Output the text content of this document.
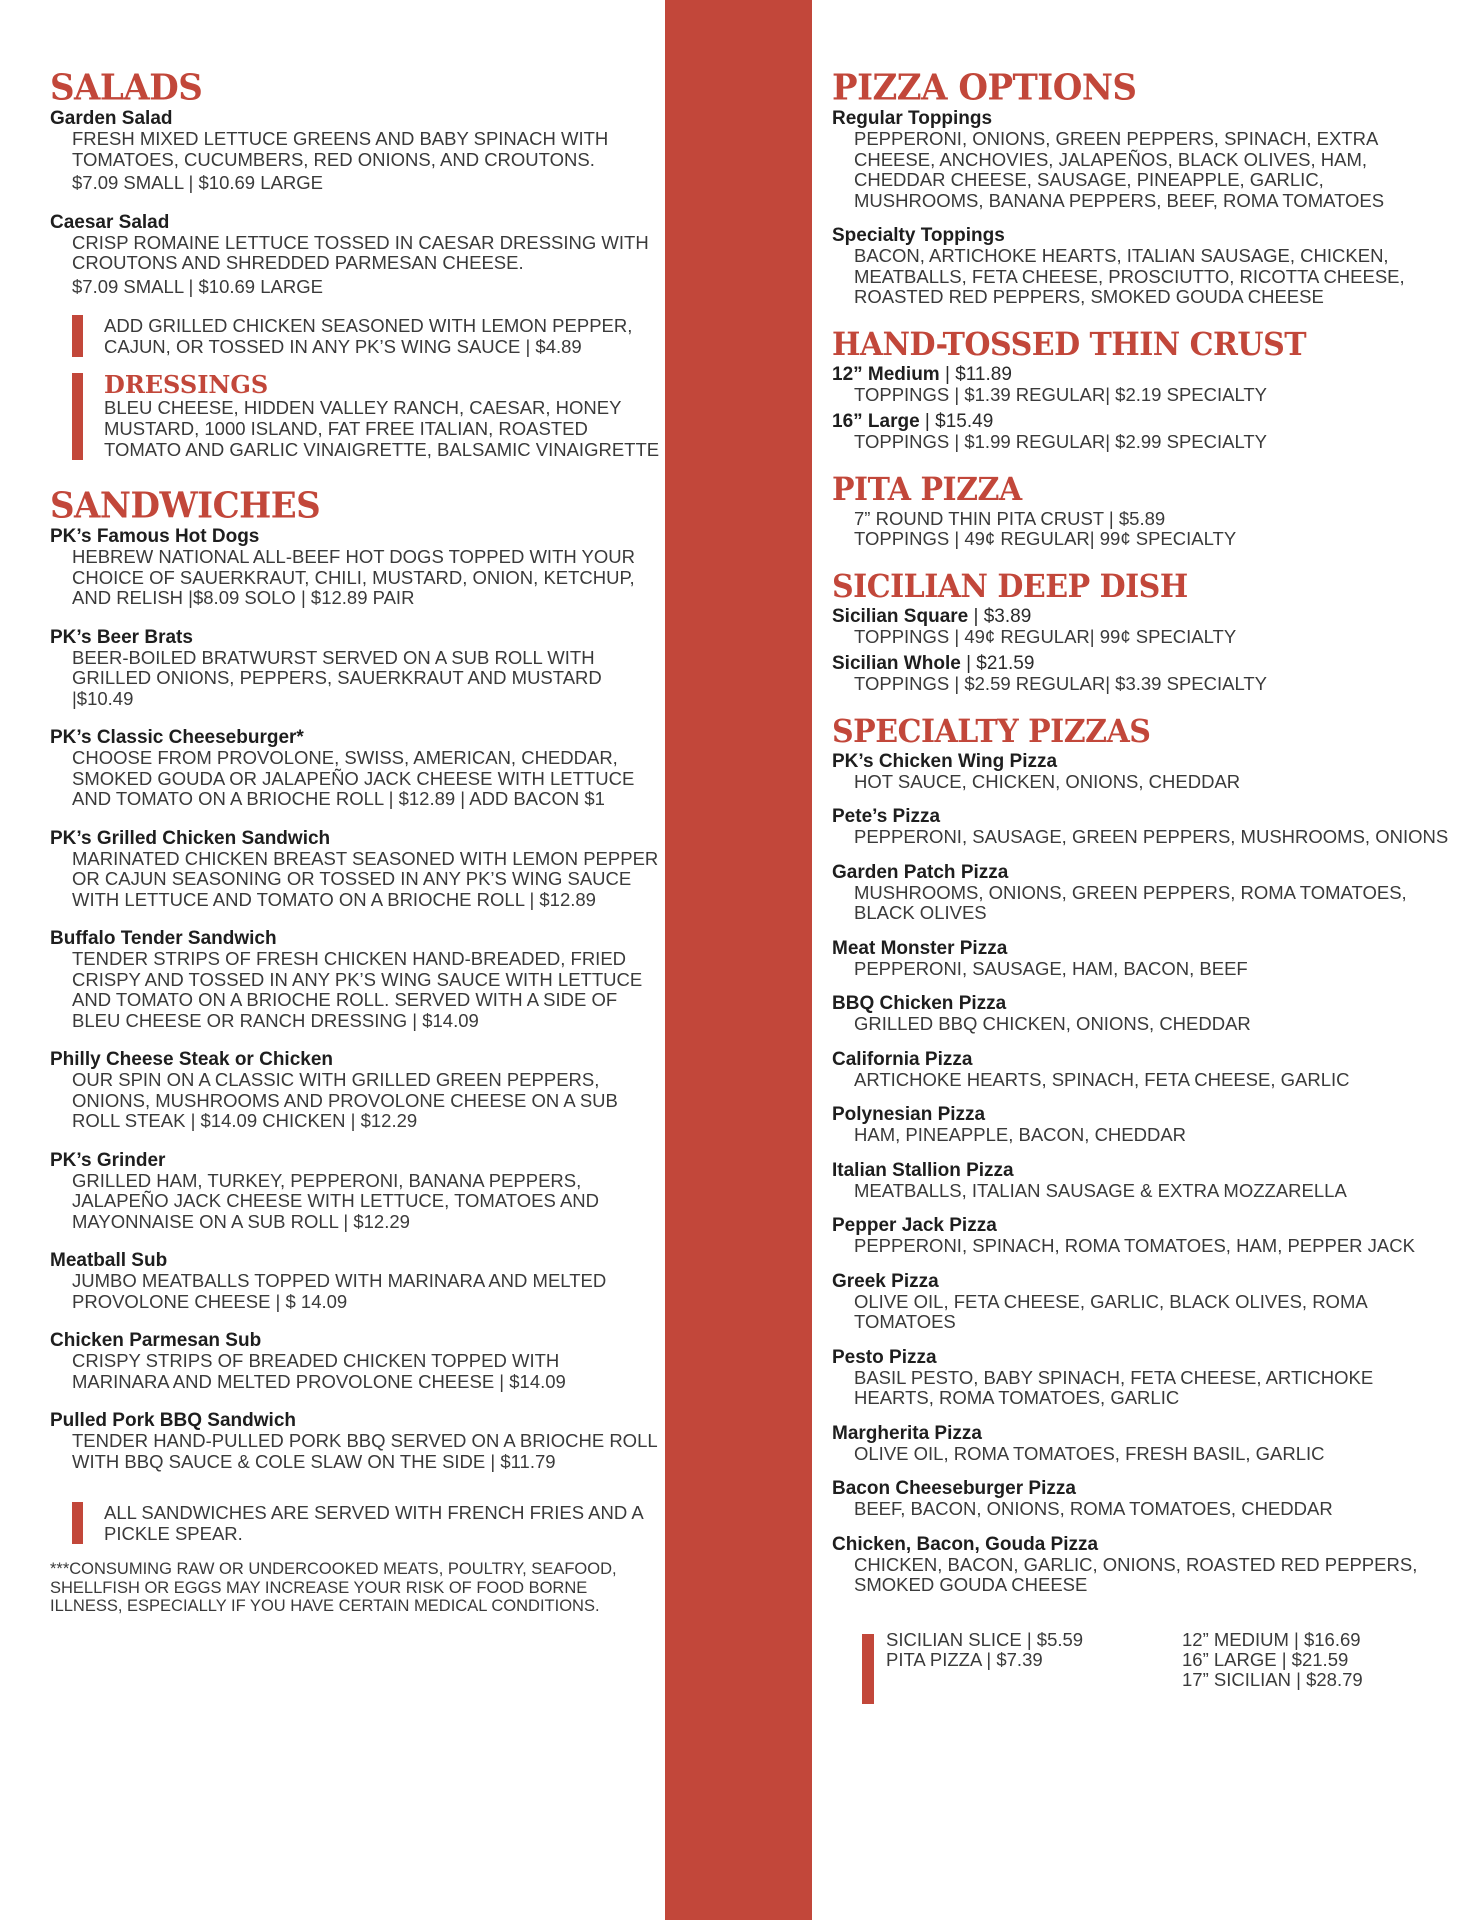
SALADS
Garden Salad
FRESH MIXED LETTUCE GREENS AND BABY SPINACH WITH TOMATOES, CUCUMBERS, RED ONIONS, AND CROUTONS.
$7.09 SMALL | $10.69 LARGE
Caesar Salad
CRISP ROMAINE LETTUCE TOSSED IN CAESAR DRESSING WITH CROUTONS AND SHREDDED PARMESAN CHEESE.
$7.09 SMALL | $10.69 LARGE
ADD GRILLED CHICKEN SEASONED WITH LEMON PEPPER, CAJUN, OR TOSSED IN ANY PK’S WING SAUCE | $4.89
DRESSINGS
BLEU CHEESE, HIDDEN VALLEY RANCH, CAESAR, HONEY MUSTARD, 1000 ISLAND, FAT FREE ITALIAN, ROASTED TOMATO AND GARLIC VINAIGRETTE, BALSAMIC VINAIGRETTE
SANDWICHES
PK’s Famous Hot Dogs
HEBREW NATIONAL ALL-BEEF HOT DOGS TOPPED WITH YOUR CHOICE OF SAUERKRAUT, CHILI, MUSTARD, ONION, KETCHUP, AND RELISH |$8.09 SOLO | $12.89 PAIR
PK’s Beer Brats
BEER-BOILED BRATWURST SERVED ON A SUB ROLL WITH GRILLED ONIONS, PEPPERS, SAUERKRAUT AND MUSTARD |$10.49
PK’s Classic Cheeseburger*
CHOOSE FROM PROVOLONE, SWISS, AMERICAN, CHEDDAR, SMOKED GOUDA OR JALAPEÑO JACK CHEESE WITH LETTUCE AND TOMATO ON A BRIOCHE ROLL | $12.89 | ADD BACON $1
PK’s Grilled Chicken Sandwich
MARINATED CHICKEN BREAST SEASONED WITH LEMON PEPPER OR CAJUN SEASONING OR TOSSED IN ANY PK’S WING SAUCE WITH LETTUCE AND TOMATO ON A BRIOCHE ROLL | $12.89
Buffalo Tender Sandwich
TENDER STRIPS OF FRESH CHICKEN HAND-BREADED, FRIED CRISPY AND TOSSED IN ANY PK’S WING SAUCE WITH LETTUCE AND TOMATO ON A BRIOCHE ROLL. SERVED WITH A SIDE OF BLEU CHEESE OR RANCH DRESSING | $14.09
Philly Cheese Steak or Chicken
OUR SPIN ON A CLASSIC WITH GRILLED GREEN PEPPERS, ONIONS, MUSHROOMS AND PROVOLONE CHEESE ON A SUB ROLL STEAK | $14.09 CHICKEN | $12.29
PK’s Grinder
GRILLED HAM, TURKEY, PEPPERONI, BANANA PEPPERS, JALAPEÑO JACK CHEESE WITH LETTUCE, TOMATOES AND MAYONNAISE ON A SUB ROLL | $12.29
Meatball Sub
JUMBO MEATBALLS TOPPED WITH MARINARA AND MELTED PROVOLONE CHEESE | $ 14.09
Chicken Parmesan Sub
CRISPY STRIPS OF BREADED CHICKEN TOPPED WITH MARINARA AND MELTED PROVOLONE CHEESE | $14.09
Pulled Pork BBQ Sandwich
TENDER HAND-PULLED PORK BBQ SERVED ON A BRIOCHE ROLL WITH BBQ SAUCE & COLE SLAW ON THE SIDE | $11.79
ALL SANDWICHES ARE SERVED WITH FRENCH FRIES AND A PICKLE SPEAR.
***CONSUMING RAW OR UNDERCOOKED MEATS, POULTRY, SEAFOOD, SHELLFISH OR EGGS MAY INCREASE YOUR RISK OF FOOD BORNE ILLNESS, ESPECIALLY IF YOU HAVE CERTAIN MEDICAL CONDITIONS.
PIZZA OPTIONS
Regular Toppings
PEPPERONI, ONIONS, GREEN PEPPERS, SPINACH, EXTRA CHEESE, ANCHOVIES, JALAPEÑOS, BLACK OLIVES, HAM, CHEDDAR CHEESE, SAUSAGE, PINEAPPLE, GARLIC, MUSHROOMS, BANANA PEPPERS, BEEF, ROMA TOMATOES
Specialty Toppings
BACON, ARTICHOKE HEARTS, ITALIAN SAUSAGE, CHICKEN, MEATBALLS, FETA CHEESE, PROSCIUTTO, RICOTTA CHEESE, ROASTED RED PEPPERS, SMOKED GOUDA CHEESE
HAND-TOSSED THIN CRUST
12” Medium | $11.89
TOPPINGS | $1.39 REGULAR| $2.19 SPECIALTY
16” Large | $15.49
TOPPINGS | $1.99 REGULAR| $2.99 SPECIALTY
PITA PIZZA
7” ROUND THIN PITA CRUST | $5.89
TOPPINGS | 49¢ REGULAR| 99¢ SPECIALTY
SICILIAN DEEP DISH
Sicilian Square | $3.89
TOPPINGS | 49¢ REGULAR| 99¢ SPECIALTY
Sicilian Whole | $21.59
TOPPINGS | $2.59 REGULAR| $3.39 SPECIALTY
SPECIALTY PIZZAS
PK’s Chicken Wing Pizza
HOT SAUCE, CHICKEN, ONIONS, CHEDDAR
Pete’s Pizza
PEPPERONI, SAUSAGE, GREEN PEPPERS, MUSHROOMS, ONIONS
Garden Patch Pizza
MUSHROOMS, ONIONS, GREEN PEPPERS, ROMA TOMATOES, BLACK OLIVES
Meat Monster Pizza
PEPPERONI, SAUSAGE, HAM, BACON, BEEF
BBQ Chicken Pizza
GRILLED BBQ CHICKEN, ONIONS, CHEDDAR
California Pizza
ARTICHOKE HEARTS, SPINACH, FETA CHEESE, GARLIC
Polynesian Pizza
HAM, PINEAPPLE, BACON, CHEDDAR
Italian Stallion Pizza
MEATBALLS, ITALIAN SAUSAGE & EXTRA MOZZARELLA
Pepper Jack Pizza
PEPPERONI, SPINACH, ROMA TOMATOES, HAM, PEPPER JACK
Greek Pizza
OLIVE OIL, FETA CHEESE, GARLIC, BLACK OLIVES, ROMA TOMATOES
Pesto Pizza
BASIL PESTO, BABY SPINACH, FETA CHEESE, ARTICHOKE HEARTS, ROMA TOMATOES, GARLIC
Margherita Pizza
OLIVE OIL, ROMA TOMATOES, FRESH BASIL, GARLIC
Bacon Cheeseburger Pizza
BEEF, BACON, ONIONS, ROMA TOMATOES, CHEDDAR
Chicken, Bacon, Gouda Pizza
CHICKEN, BACON, GARLIC, ONIONS, ROASTED RED PEPPERS, SMOKED GOUDA CHEESE
SICILIAN SLICE | $5.59
PITA PIZZA | $7.39
12” MEDIUM | $16.69
16” LARGE | $21.59
17” SICILIAN | $28.79
